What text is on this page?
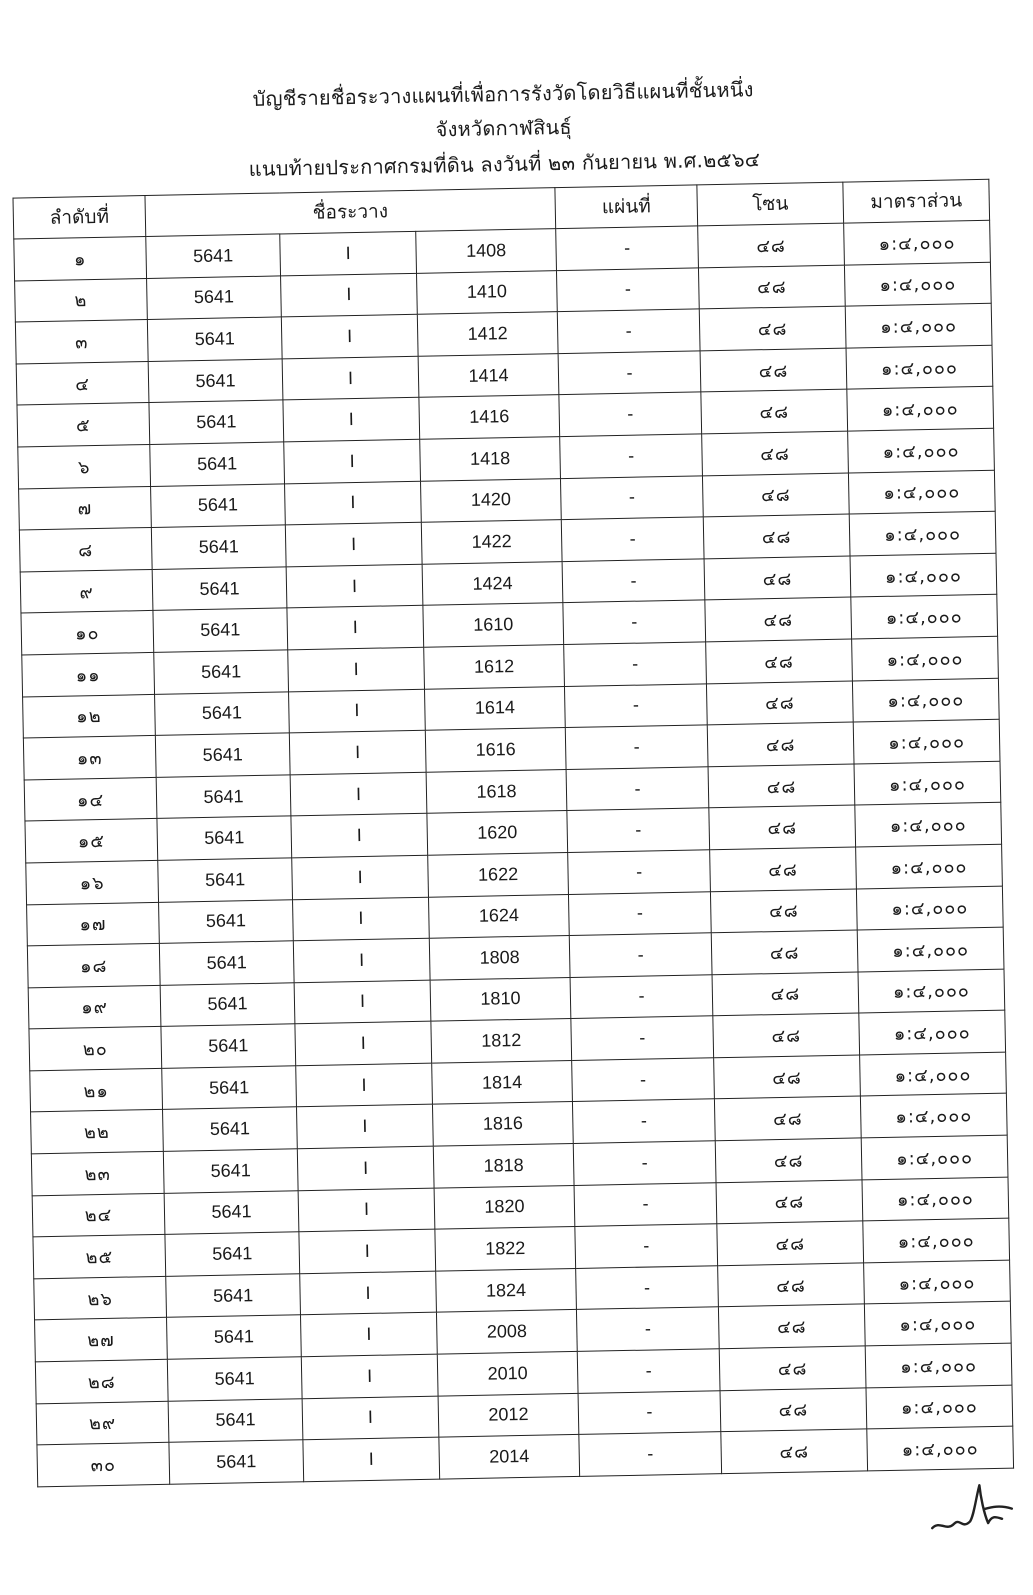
บัญชีรายชื่อระวางแผนที่เพื่อการรังวัดโดยวิธีแผนที่ชั้นหนึ่ง
จังหวัดกาฬสินธุ์
แนบท้ายประกาศกรมที่ดิน ลงวันที่ ๒๓ กันยายน พ.ศ.๒๕๖๔
ลำดับที่	ชื่อระวาง			แผ่นที่	โซน	มาตราส่วน
๑	5641	I	1408	-	๔๘	๑:๔,๐๐๐
๒	5641	I	1410	-	๔๘	๑:๔,๐๐๐
๓	5641	I	1412	-	๔๘	๑:๔,๐๐๐
๔	5641	I	1414	-	๔๘	๑:๔,๐๐๐
๕	5641	I	1416	-	๔๘	๑:๔,๐๐๐
๖	5641	I	1418	-	๔๘	๑:๔,๐๐๐
๗	5641	I	1420	-	๔๘	๑:๔,๐๐๐
๘	5641	I	1422	-	๔๘	๑:๔,๐๐๐
๙	5641	I	1424	-	๔๘	๑:๔,๐๐๐
๑๐	5641	I	1610	-	๔๘	๑:๔,๐๐๐
๑๑	5641	I	1612	-	๔๘	๑:๔,๐๐๐
๑๒	5641	I	1614	-	๔๘	๑:๔,๐๐๐
๑๓	5641	I	1616	-	๔๘	๑:๔,๐๐๐
๑๔	5641	I	1618	-	๔๘	๑:๔,๐๐๐
๑๕	5641	I	1620	-	๔๘	๑:๔,๐๐๐
๑๖	5641	I	1622	-	๔๘	๑:๔,๐๐๐
๑๗	5641	I	1624	-	๔๘	๑:๔,๐๐๐
๑๘	5641	I	1808	-	๔๘	๑:๔,๐๐๐
๑๙	5641	I	1810	-	๔๘	๑:๔,๐๐๐
๒๐	5641	I	1812	-	๔๘	๑:๔,๐๐๐
๒๑	5641	I	1814	-	๔๘	๑:๔,๐๐๐
๒๒	5641	I	1816	-	๔๘	๑:๔,๐๐๐
๒๓	5641	I	1818	-	๔๘	๑:๔,๐๐๐
๒๔	5641	I	1820	-	๔๘	๑:๔,๐๐๐
๒๕	5641	I	1822	-	๔๘	๑:๔,๐๐๐
๒๖	5641	I	1824	-	๔๘	๑:๔,๐๐๐
๒๗	5641	I	2008	-	๔๘	๑:๔,๐๐๐
๒๘	5641	I	2010	-	๔๘	๑:๔,๐๐๐
๒๙	5641	I	2012	-	๔๘	๑:๔,๐๐๐
๓๐	5641	I	2014	-	๔๘	๑:๔,๐๐๐
